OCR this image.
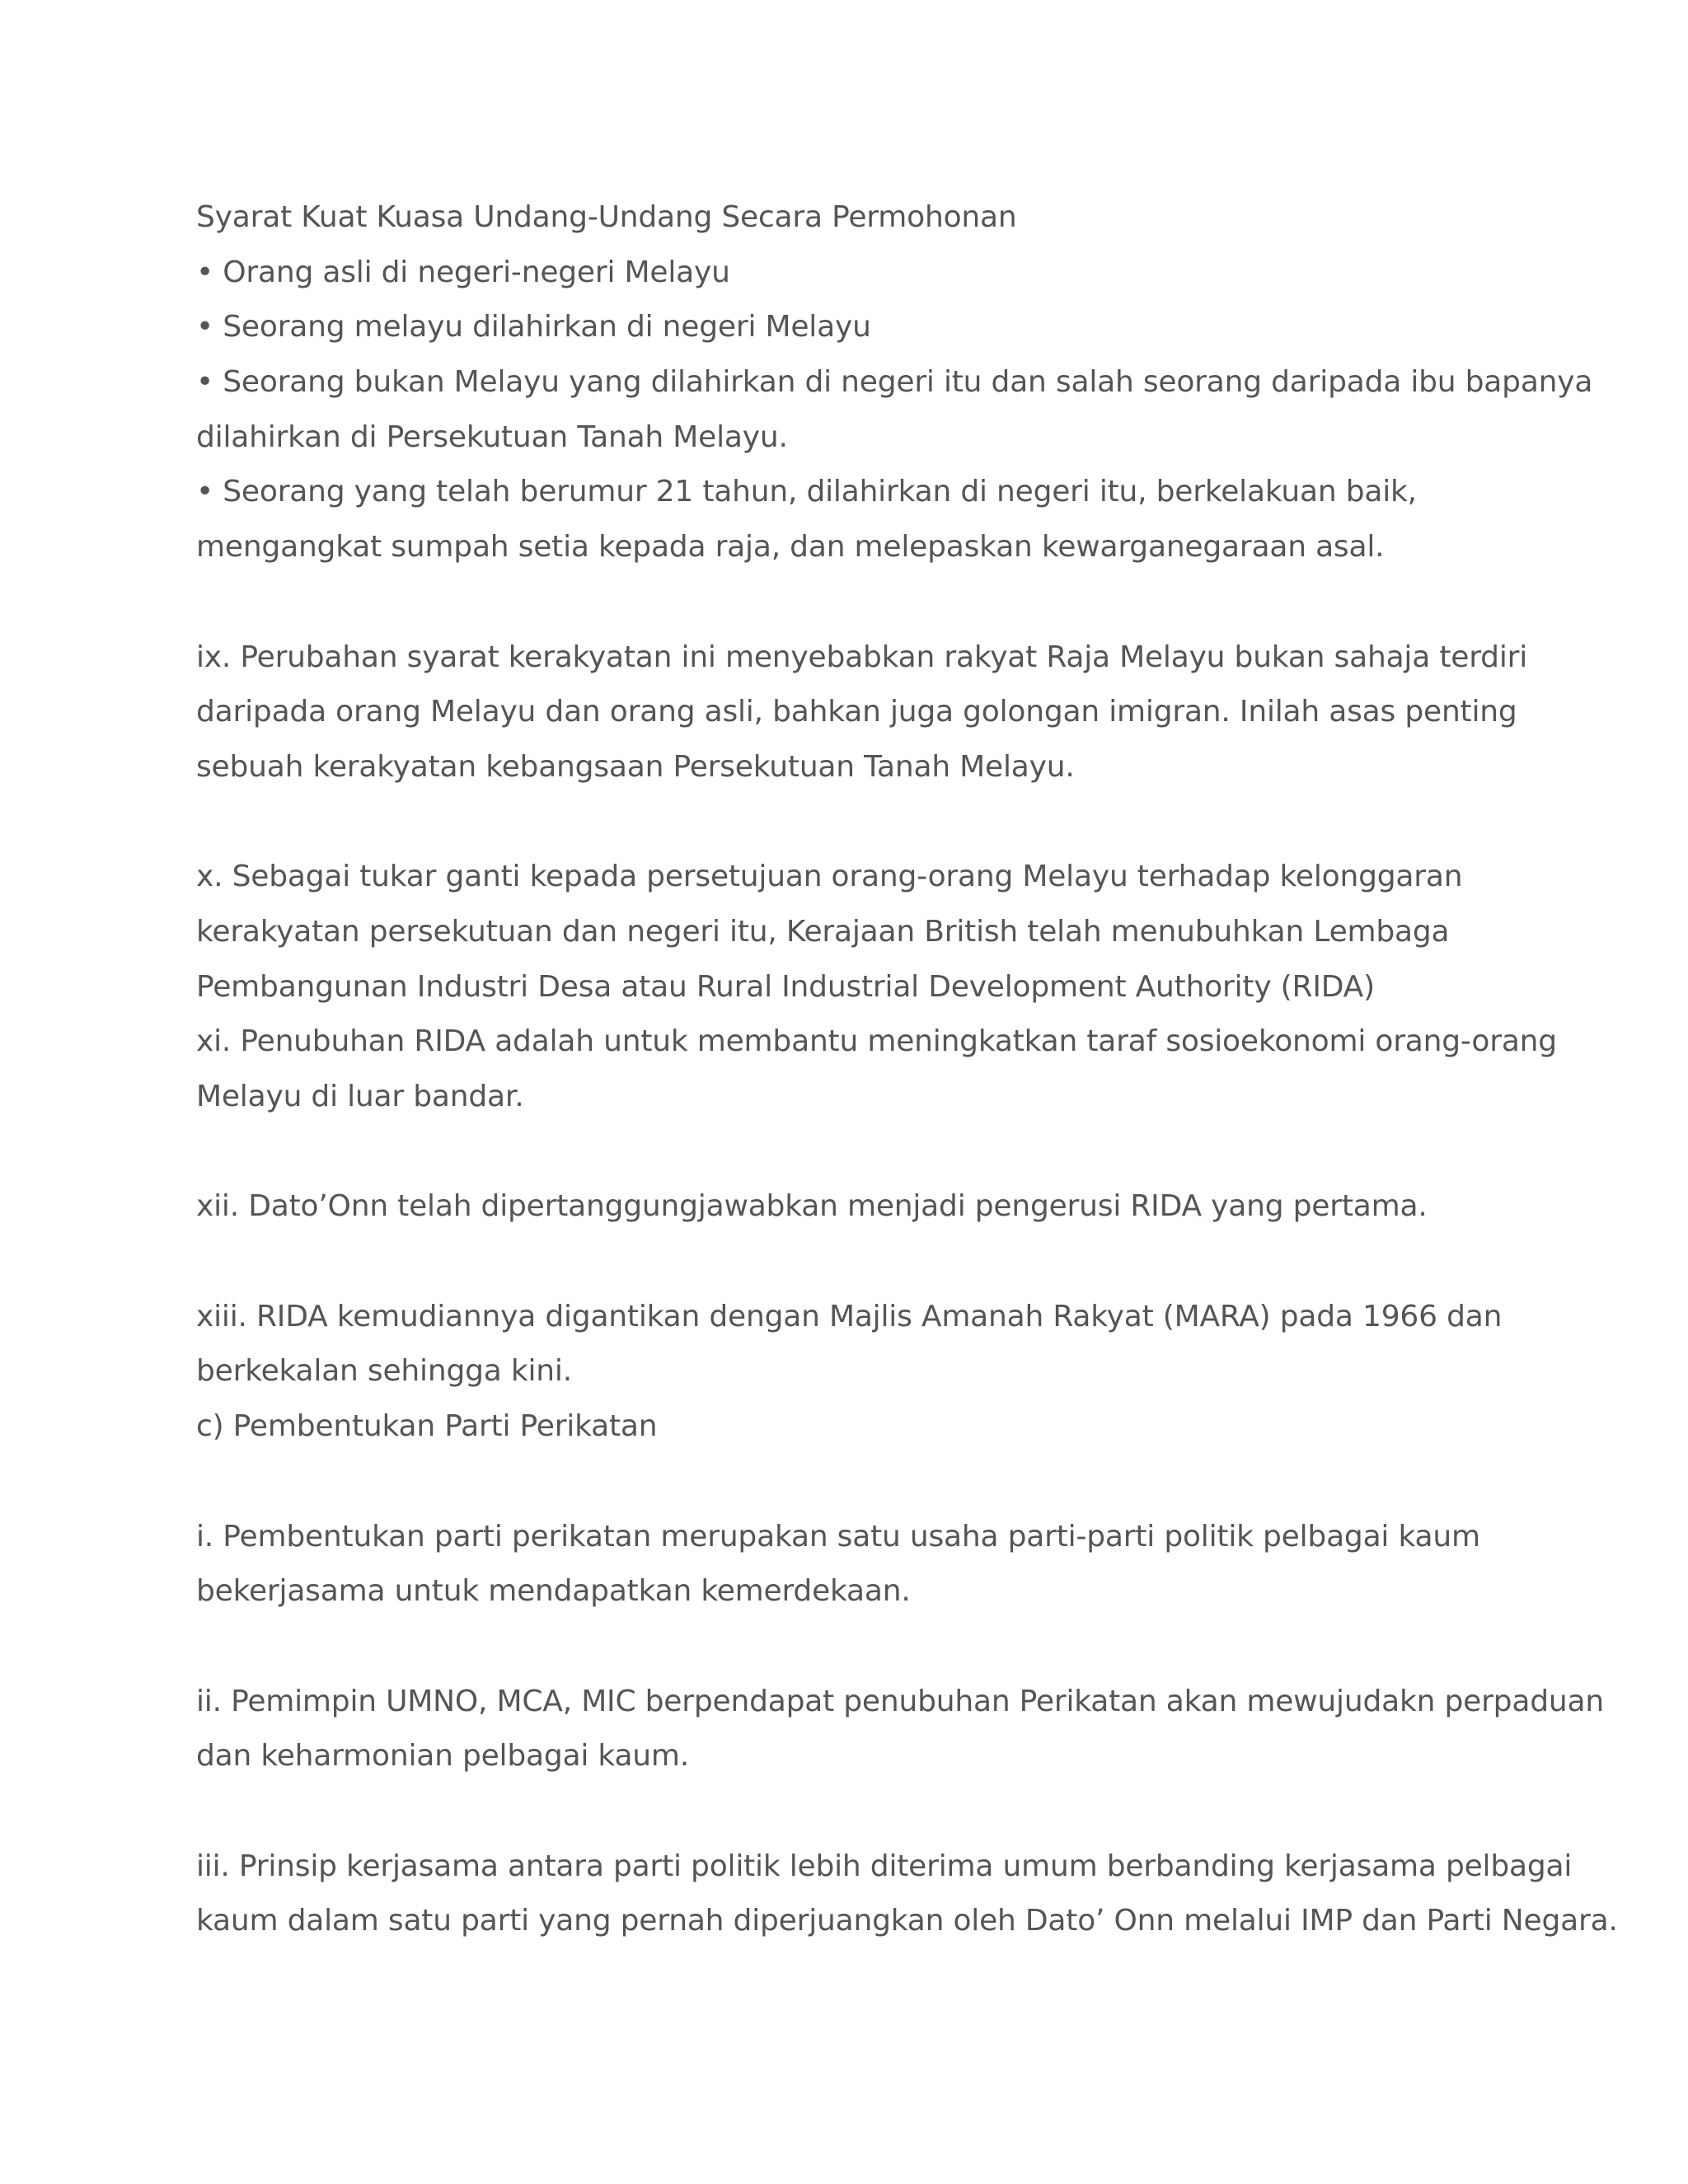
Syarat Kuat Kuasa Undang-Undang Secara Permohonan
• Orang asli di negeri-negeri Melayu
• Seorang melayu dilahirkan di negeri Melayu
• Seorang bukan Melayu yang dilahirkan di negeri itu dan salah seorang daripada ibu bapanya
dilahirkan di Persekutuan Tanah Melayu.
• Seorang yang telah berumur 21 tahun, dilahirkan di negeri itu, berkelakuan baik,
mengangkat sumpah setia kepada raja, dan melepaskan kewarganegaraan asal.
ix. Perubahan syarat kerakyatan ini menyebabkan rakyat Raja Melayu bukan sahaja terdiri
daripada orang Melayu dan orang asli, bahkan juga golongan imigran. Inilah asas penting
sebuah kerakyatan kebangsaan Persekutuan Tanah Melayu.
x. Sebagai tukar ganti kepada persetujuan orang-orang Melayu terhadap kelonggaran
kerakyatan persekutuan dan negeri itu, Kerajaan British telah menubuhkan Lembaga
Pembangunan Industri Desa atau Rural Industrial Development Authority (RIDA)
xi. Penubuhan RIDA adalah untuk membantu meningkatkan taraf sosioekonomi orang-orang
Melayu di luar bandar.
xii. Dato’Onn telah dipertanggungjawabkan menjadi pengerusi RIDA yang pertama.
xiii. RIDA kemudiannya digantikan dengan Majlis Amanah Rakyat (MARA) pada 1966 dan
berkekalan sehingga kini.
c) Pembentukan Parti Perikatan
i. Pembentukan parti perikatan merupakan satu usaha parti-parti politik pelbagai kaum
bekerjasama untuk mendapatkan kemerdekaan.
ii. Pemimpin UMNO, MCA, MIC berpendapat penubuhan Perikatan akan mewujudakn perpaduan
dan keharmonian pelbagai kaum.
iii. Prinsip kerjasama antara parti politik lebih diterima umum berbanding kerjasama pelbagai
kaum dalam satu parti yang pernah diperjuangkan oleh Dato’ Onn melalui IMP dan Parti Negara.
